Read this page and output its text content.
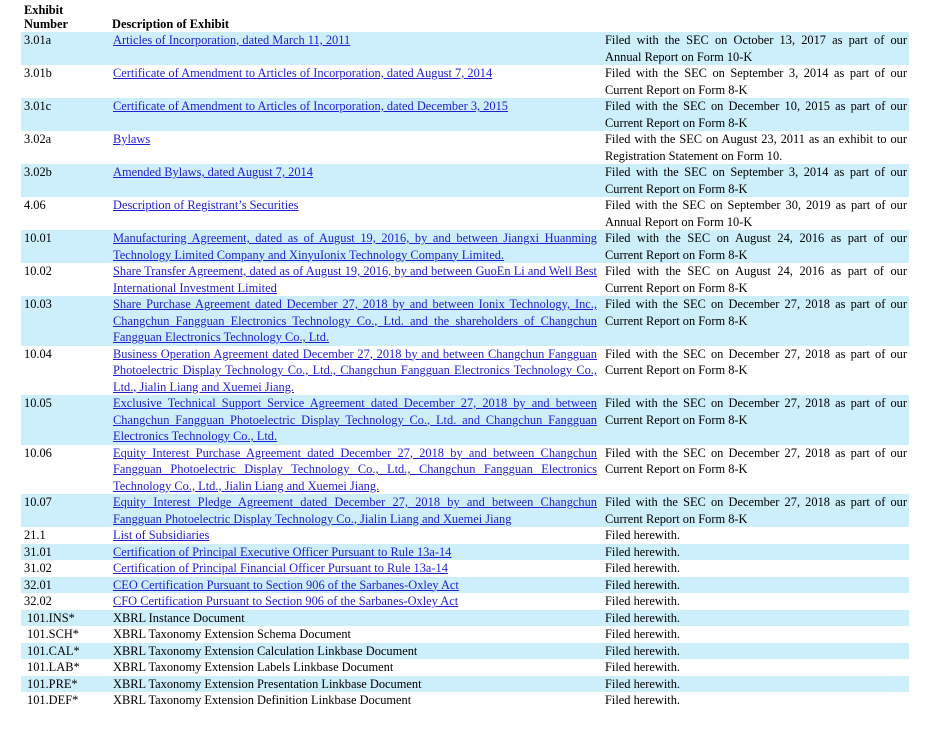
Exhibit
Number	Description of Exhibit	
3.01a	Articles of Incorporation, dated March 11, 2011	Filed with the SEC on October 13, 2017 as part of our Annual Report on Form 10-K
3.01b	Certificate of Amendment to Articles of Incorporation, dated August 7, 2014	Filed with the SEC on September 3, 2014 as part of our Current Report on Form 8-K
3.01c	Certificate of Amendment to Articles of Incorporation, dated December 3, 2015	Filed with the SEC on December 10, 2015 as part of our Current Report on Form 8-K
3.02a	Bylaws	Filed with the SEC on August 23, 2011 as an exhibit to our Registration Statement on Form 10.
3.02b	Amended Bylaws, dated August 7, 2014	Filed with the SEC on September 3, 2014 as part of our Current Report on Form 8-K
4.06	Description of Registrant’s Securities	Filed with the SEC on September 30, 2019 as part of our Annual Report on Form 10-K
10.01	Manufacturing Agreement, dated as of August 19, 2016, by and between Jiangxi Huanming Technology Limited Company and XinyuIonix Technology Company Limited.	Filed with the SEC on August 24, 2016 as part of our Current Report on Form 8-K
10.02	Share Transfer Agreement, dated as of August 19, 2016, by and between GuoEn Li and Well Best International Investment Limited	Filed with the SEC on August 24, 2016 as part of our Current Report on Form 8-K
10.03	Share Purchase Agreement dated December 27, 2018 by and between Ionix Technology, Inc., Changchun Fangguan Electronics Technology Co., Ltd. and the shareholders of Changchun Fangguan Electronics Technology Co., Ltd.	Filed with the SEC on December 27, 2018 as part of our Current Report on Form 8-K
10.04	Business Operation Agreement dated December 27, 2018 by and between Changchun Fangguan Photoelectric Display Technology Co., Ltd., Changchun Fangguan Electronics Technology Co., Ltd., Jialin Liang and Xuemei Jiang.	Filed with the SEC on December 27, 2018 as part of our Current Report on Form 8-K
10.05	Exclusive Technical Support Service Agreement dated December 27, 2018 by and between Changchun Fangguan Photoelectric Display Technology Co., Ltd. and Changchun Fangguan Electronics Technology Co., Ltd.	Filed with the SEC on December 27, 2018 as part of our Current Report on Form 8-K
10.06	Equity Interest Purchase Agreement dated December 27, 2018 by and between Changchun Fangguan Photoelectric Display Technology Co., Ltd., Changchun Fangguan Electronics Technology Co., Ltd., Jialin Liang and Xuemei Jiang.	Filed with the SEC on December 27, 2018 as part of our Current Report on Form 8-K
10.07	Equity Interest Pledge Agreement dated December 27, 2018 by and between Changchun Fangguan Photoelectric Display Technology Co., Jialin Liang and Xuemei Jiang	Filed with the SEC on December 27, 2018 as part of our Current Report on Form 8-K
21.1	List of Subsidiaries	Filed herewith.
31.01	Certification of Principal Executive Officer Pursuant to Rule 13a-14	Filed herewith.
31.02	Certification of Principal Financial Officer Pursuant to Rule 13a-14	Filed herewith.
32.01	CEO Certification Pursuant to Section 906 of the Sarbanes-Oxley Act	Filed herewith.
32.02	CFO Certification Pursuant to Section 906 of the Sarbanes-Oxley Act	Filed herewith.
101.INS*	XBRL Instance Document	Filed herewith.
101.SCH*	XBRL Taxonomy Extension Schema Document	Filed herewith.
101.CAL*	XBRL Taxonomy Extension Calculation Linkbase Document	Filed herewith.
101.LAB*	XBRL Taxonomy Extension Labels Linkbase Document	Filed herewith.
101.PRE*	XBRL Taxonomy Extension Presentation Linkbase Document	Filed herewith.
101.DEF*	XBRL Taxonomy Extension Definition Linkbase Document	Filed herewith.
